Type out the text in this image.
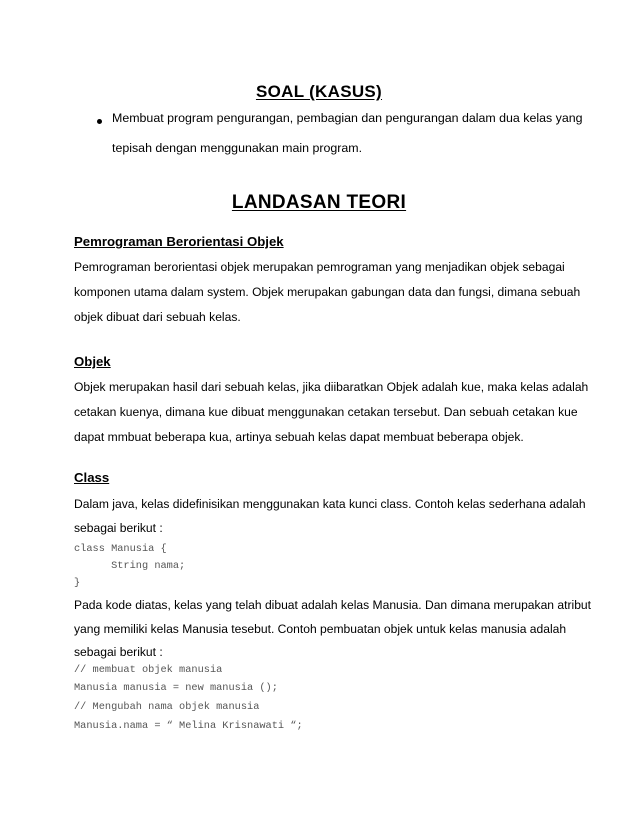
SOAL (KASUS)
Membuat program pengurangan, pembagian dan pengurangan dalam dua kelas yang
tepisah dengan menggunakan main program.
LANDASAN TEORI
Pemrograman Berorientasi Objek
Pemrograman berorientasi objek merupakan pemrograman yang menjadikan objek sebagai
komponen utama dalam system. Objek merupakan gabungan data dan fungsi, dimana sebuah
objek dibuat dari sebuah kelas.
Objek
Objek merupakan hasil dari sebuah kelas, jika diibaratkan Objek adalah kue, maka kelas adalah
cetakan kuenya, dimana kue dibuat menggunakan cetakan tersebut. Dan sebuah cetakan kue
dapat mmbuat beberapa kua, artinya sebuah kelas dapat membuat beberapa objek.
Class
Dalam java, kelas didefinisikan menggunakan kata kunci class. Contoh kelas sederhana adalah
sebagai berikut :
class Manusia {
String nama;
}
Pada kode diatas, kelas yang telah dibuat adalah kelas Manusia. Dan dimana merupakan atribut
yang memiliki kelas Manusia tesebut. Contoh pembuatan objek untuk kelas manusia adalah
sebagai berikut :
// membuat objek manusia
Manusia manusia = new manusia ();
// Mengubah nama objek manusia
Manusia.nama = “ Melina Krisnawati “;
